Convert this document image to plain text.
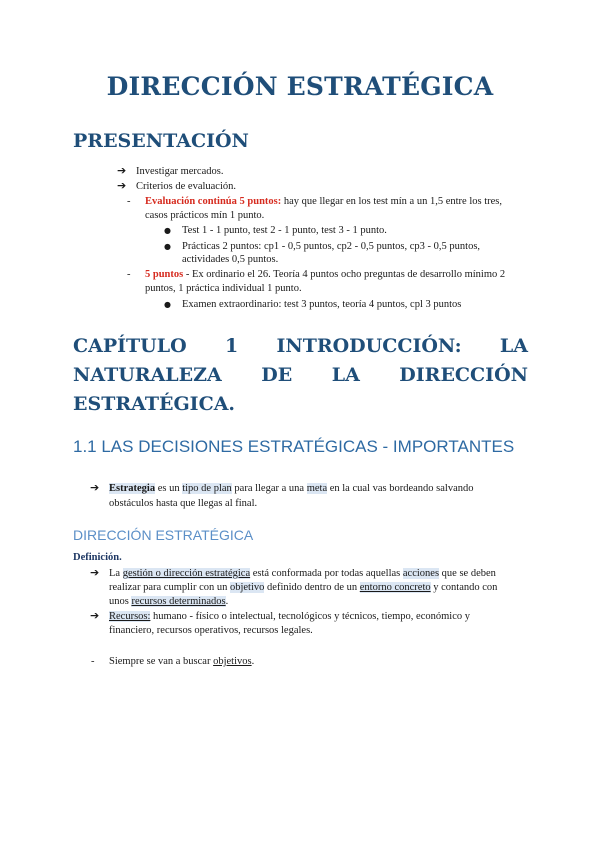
DIRECCIÓN ESTRATÉGICA
PRESENTACIÓN
➔ Investigar mercados.
➔ Criterios de evaluación.
- Evaluación continúa 5 puntos: hay que llegar en los test mín a un 1,5 entre los tres,
casos prácticos mín 1 punto.
● Test 1 - 1 punto, test 2 - 1 punto, test 3 - 1 punto.
● Prácticas 2 puntos: cp1 - 0,5 puntos, cp2 - 0,5 puntos, cp3 - 0,5 puntos,
actividades 0,5 puntos.
- 5 puntos - Ex ordinario el 26. Teoría 4 puntos ocho preguntas de desarrollo mínimo 2
puntos, 1 práctica individual 1 punto.
● Examen extraordinario: test 3 puntos, teoría 4 puntos, cpl 3 puntos
CAPÍTULO 1 INTRODUCCIÓN: LA
NATURALEZA DE LA DIRECCIÓN
ESTRATÉGICA.
1.1 LAS DECISIONES ESTRATÉGICAS - IMPORTANTES
➔ Estrategia es un tipo de plan para llegar a una meta en la cual vas bordeando salvando
obstáculos hasta que llegas al final.
DIRECCIÓN ESTRATÉGICA
Definición.
➔ La gestión o dirección estratégica está conformada por todas aquellas acciones que se deben
realizar para cumplir con un objetivo definido dentro de un entorno concreto y contando con
unos recursos determinados.
➔ Recursos: humano - físico o intelectual, tecnológicos y técnicos, tiempo, económico y
financiero, recursos operativos, recursos legales.
- Siempre se van a buscar objetivos.
